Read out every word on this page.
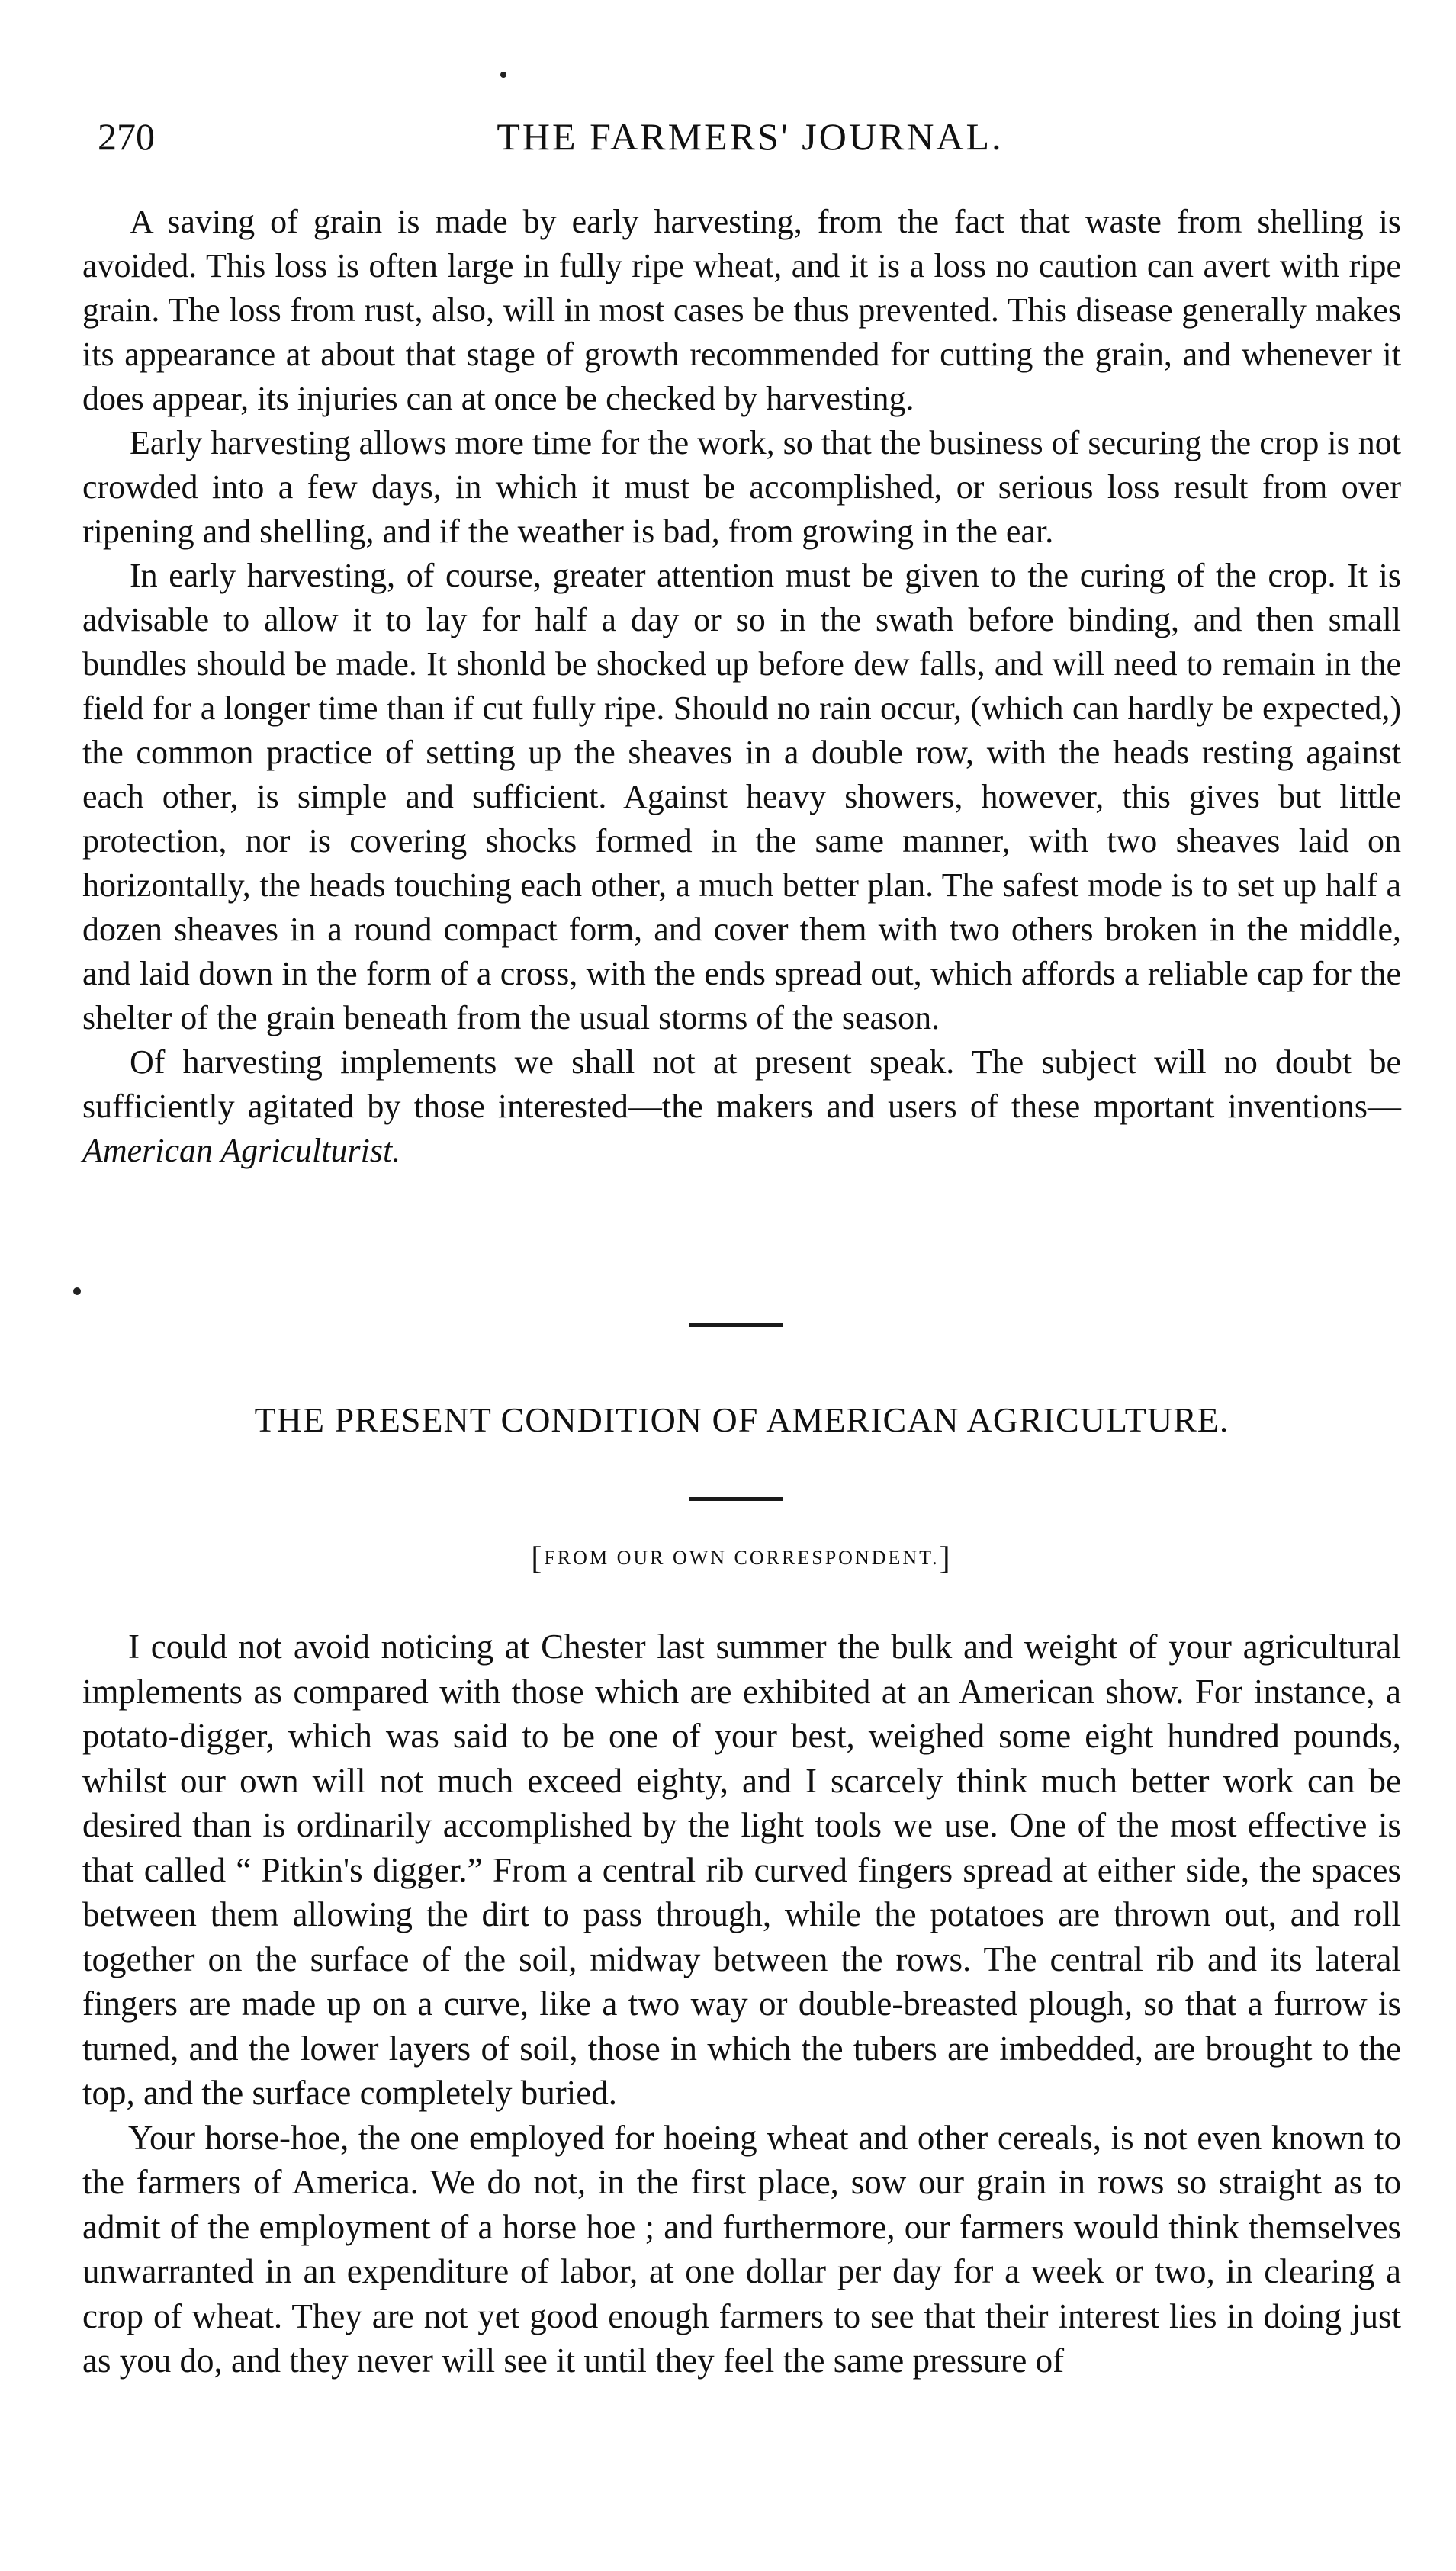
270	THE FARMERS' JOURNAL.

A saving of grain is made by early harvesting, from the fact that waste from shelling is avoided. This loss is often large in fully ripe wheat, and it is a loss no caution can avert with ripe grain. The loss from rust, also, will in most cases be thus prevented. This disease generally makes its appearance at about that stage of growth recommended for cutting the grain, and whenever it does appear, its injuries can at once be checked by harvesting.

Early harvesting allows more time for the work, so that the business of securing the crop is not crowded into a few days, in which it must be accomplished, or serious loss result from over ripening and shelling, and if the weather is bad, from growing in the ear.

In early harvesting, of course, greater attention must be given to the curing of the crop. It is advisable to allow it to lay for half a day or so in the swath before binding, and then small bundles should be made. It shonld be shocked up before dew falls, and will need to remain in the field for a longer time than if cut fully ripe. Should no rain occur, (which can hardly be expected,) the common practice of setting up the sheaves in a double row, with the heads resting against each other, is simple and sufficient. Against heavy showers, however, this gives but little protection, nor is covering shocks formed in the same manner, with two sheaves laid on horizontally, the heads touching each other, a much better plan. The safest mode is to set up half a dozen sheaves in a round compact form, and cover them with two others broken in the middle, and laid down in the form of a cross, with the ends spread out, which affords a reliable cap for the shelter of the grain beneath from the usual storms of the season.

Of harvesting implements we shall not at present speak. The subject will no doubt be sufficiently agitated by those interested—the makers and users of these mportant inventions—American Agriculturist.

THE PRESENT CONDITION OF AMERICAN AGRICULTURE.
[FROM OUR OWN CORRESPONDENT.]

I could not avoid noticing at Chester last summer the bulk and weight of your agricultural implements as compared with those which are exhibited at an American show. For instance, a potato-digger, which was said to be one of your best, weighed some eight hundred pounds, whilst our own will not much exceed eighty, and I scarcely think much better work can be desired than is ordinarily accomplished by the light tools we use. One of the most effective is that called “ Pitkin's digger.” From a central rib curved fingers spread at either side, the spaces between them allowing the dirt to pass through, while the potatoes are thrown out, and roll together on the surface of the soil, midway between the rows. The central rib and its lateral fingers are made up on a curve, like a two way or double-breasted plough, so that a furrow is turned, and the lower layers of soil, those in which the tubers are imbedded, are brought to the top, and the surface completely buried.

Your horse-hoe, the one employed for hoeing wheat and other cereals, is not even known to the farmers of America. We do not, in the first place, sow our grain in rows so straight as to admit of the employment of a horse hoe ; and furthermore, our farmers would think themselves unwarranted in an expenditure of labor, at one dollar per day for a week or two, in clearing a crop of wheat. They are not yet good enough farmers to see that their interest lies in doing just as you do, and they never will see it until they feel the same pressure of
